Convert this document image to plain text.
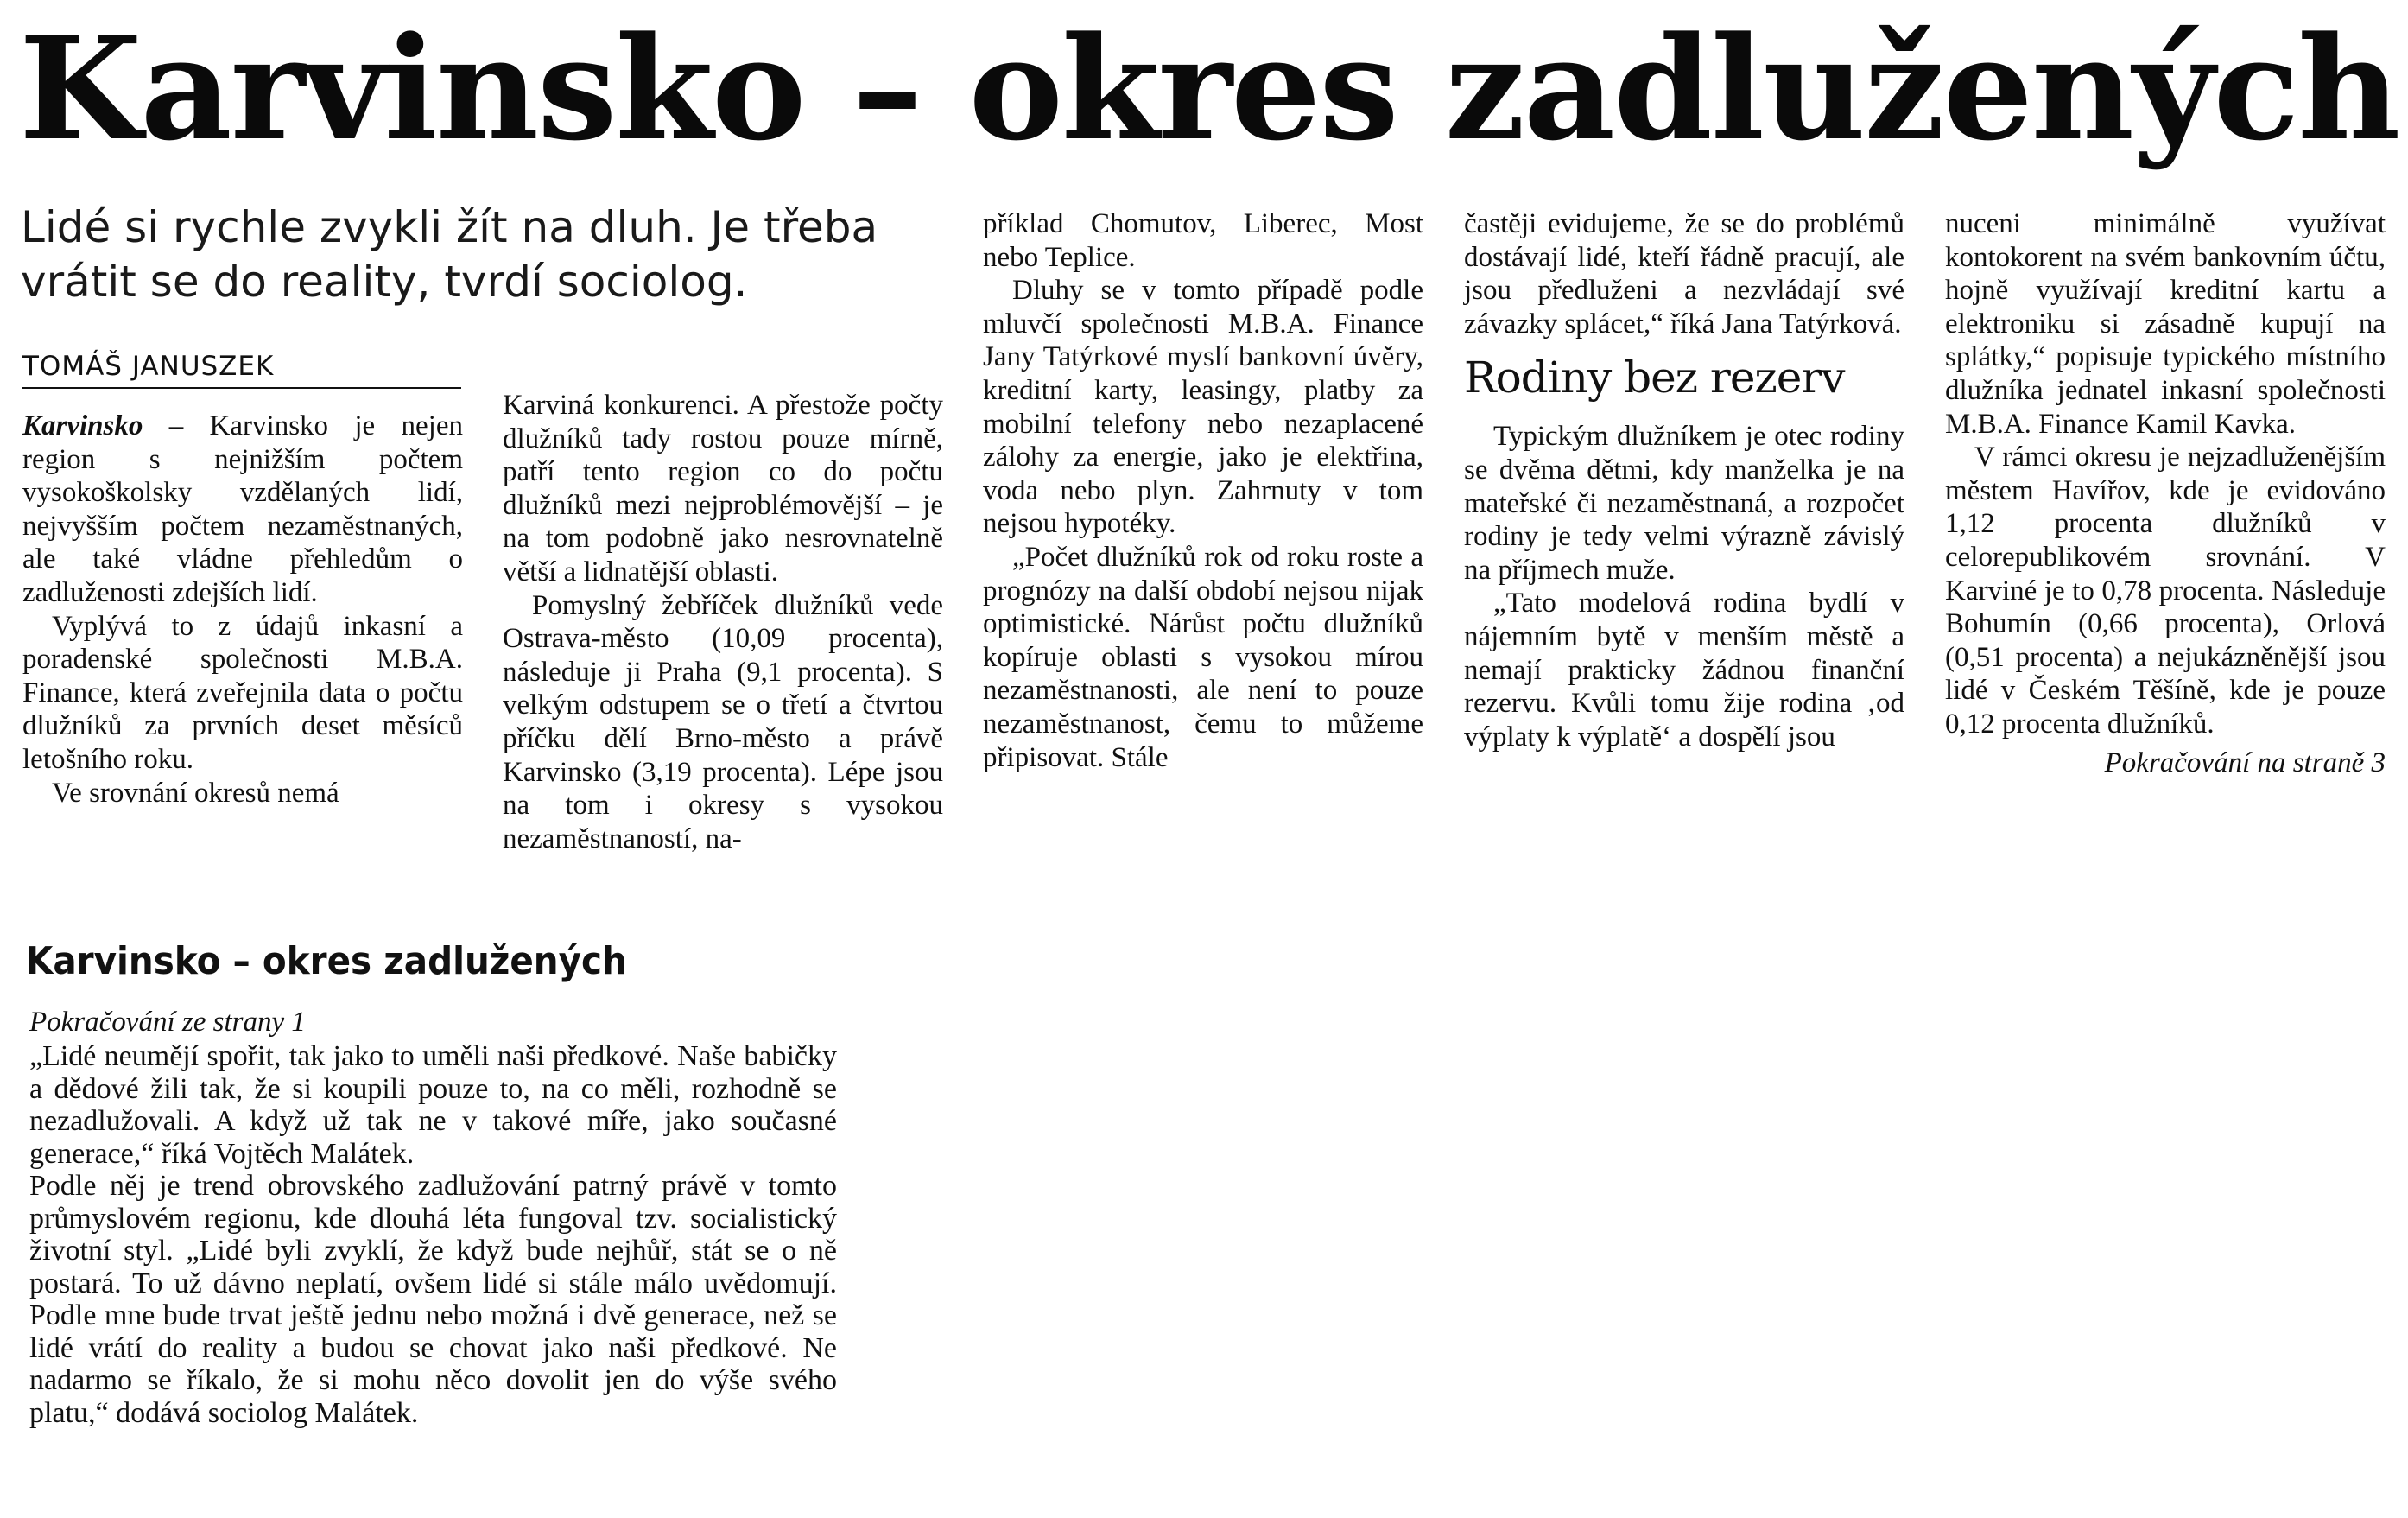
Karvinsko – okres zadlužených

Lidé si rychle zvykli žít na dluh. Je třeba vrátit se do reality, tvrdí sociolog.

TOMÁŠ JANUSZEK

Karvinsko – Karvinsko je nejen region s nejnižším počtem vysokoškolsky vzdělaných lidí, nejvyšším počtem nezaměstnaných, ale také vládne přehledům o zadluženosti zdejších lidí.

Vyplývá to z údajů inkasní a poradenské společnosti M.B.A. Finance, která zveřejnila data o počtu dlužníků za prvních deset měsíců letošního roku.

Ve srovnání okresů nemá

Karviná konkurenci. A přestože počty dlužníků tady rostou pouze mírně, patří tento region co do počtu dlužníků mezi nejproblémovější – je na tom podobně jako nesrovnatelně větší a lidnatější oblasti.

Pomyslný žebříček dlužníků vede Ostrava-město (10,09 procenta), následuje ji Praha (9,1 procenta). S velkým odstupem se o třetí a čtvrtou příčku dělí Brno-město a právě Karvinsko (3,19 procenta). Lépe jsou na tom i okresy s vysokou nezaměstnaností, na-

příklad Chomutov, Liberec, Most nebo Teplice.

Dluhy se v tomto případě podle mluvčí společnosti M.B.A. Finance Jany Tatýrkové myslí bankovní úvěry, kreditní karty, leasingy, platby za mobilní telefony nebo nezaplacené zálohy za energie, jako je elektřina, voda nebo plyn. Zahrnuty v tom nejsou hypotéky.

„Počet dlužníků rok od roku roste a prognózy na další období nejsou nijak optimistické. Nárůst počtu dlužníků kopíruje oblasti s vysokou mírou nezaměstnanosti, ale není to pouze nezaměstnanost, čemu to můžeme připisovat. Stále

častěji evidujeme, že se do problémů dostávají lidé, kteří řádně pracují, ale jsou předluženi a nezvládají své závazky splácet,“ říká Jana Tatýrková.

Rodiny bez rezerv

Typickým dlužníkem je otec rodiny se dvěma dětmi, kdy manželka je na mateřské či nezaměstnaná, a rozpočet rodiny je tedy velmi výrazně závislý na příjmech muže.

„Tato modelová rodina bydlí v nájemním bytě v menším městě a nemají prakticky žádnou finanční rezervu. Kvůli tomu žije rodina ‚od výplaty k výplatě‘ a dospělí jsou

nuceni minimálně využívat kontokorent na svém bankovním účtu, hojně využívají kreditní kartu a elektroniku si zásadně kupují na splátky,“ popisuje typického místního dlužníka jednatel inkasní společnosti M.B.A. Finance Kamil Kavka.

V rámci okresu je nejzadluženějším městem Havířov, kde je evidováno 1,12 procenta dlužníků v celorepublikovém srovnání. V Karviné je to 0,78 procenta. Následuje Bohumín (0,66 procenta), Orlová (0,51 procenta) a nejukázněnější jsou lidé v Českém Těšíně, kde je pouze 0,12 procenta dlužníků.

Pokračování na straně 3

Karvinsko – okres zadlužených
Pokračování ze strany 1

„Lidé neumějí spořit, tak jako to uměli naši předkové. Naše babičky a dědové žili tak, že si koupili pouze to, na co měli, rozhodně se nezadlužovali. A když už tak ne v takové míře, jako současné generace,“ říká Vojtěch Malátek.

Podle něj je trend obrovského zadlužování patrný právě v tomto průmyslovém regionu, kde dlouhá léta fungoval tzv. socialistický životní styl. „Lidé byli zvyklí, že když bude nejhůř, stát se o ně postará. To už dávno neplatí, ovšem lidé si stále málo uvědomují. Podle mne bude trvat ještě jednu nebo možná i dvě generace, než se lidé vrátí do reality a budou se chovat jako naši předkové. Ne nadarmo se říkalo, že si mohu něco dovolit jen do výše svého platu,“ dodává sociolog Malátek.
